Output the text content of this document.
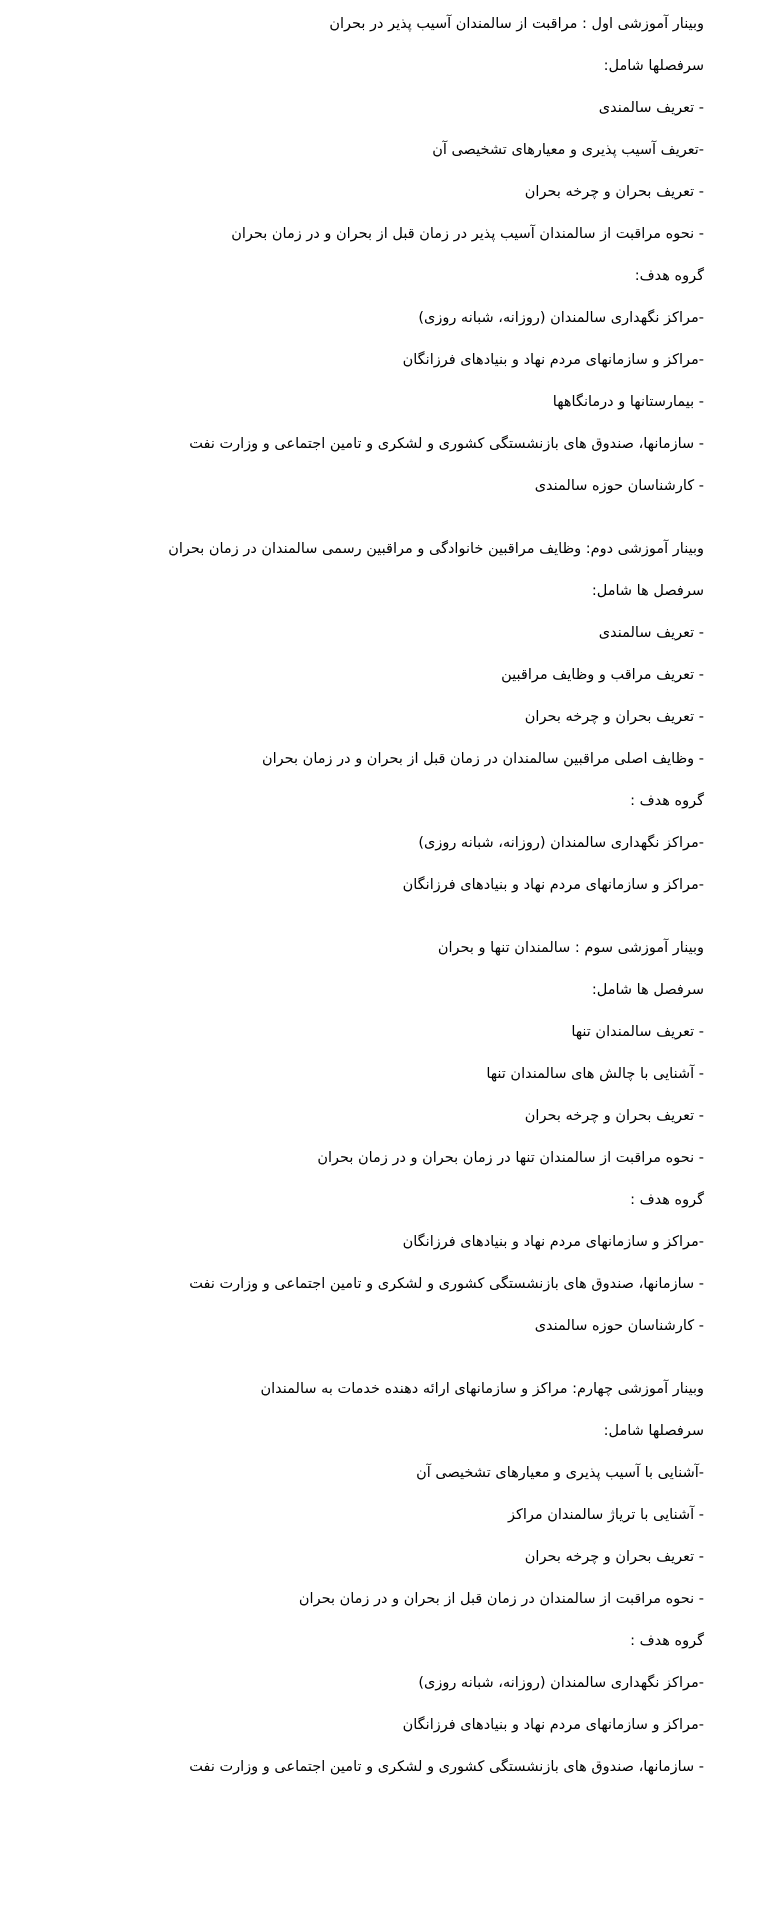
وبینار آموزشی اول : مراقبت از سالمندان آسیب پذیر در بحران

سرفصلها شامل:

- تعریف سالمندی

-تعریف آسیب پذیری و معیارهای تشخیصی آن

- تعریف بحران و چرخه بحران

- نحوه مراقبت از سالمندان آسیب پذیر در زمان قبل از بحران و در زمان بحران

گروه هدف:

-مراکز نگهداری سالمندان (روزانه، شبانه روزی)

-مراکز و سازمانهای مردم نهاد و بنیادهای فرزانگان

- بیمارستانها و درمانگاهها

- سازمانها، صندوق های بازنشستگی کشوری و لشکری و تامین اجتماعی و وزارت نفت

- کارشناسان حوزه سالمندی

وبینار آموزشی دوم: وظایف مراقبین خانوادگی و مراقبین رسمی سالمندان در زمان بحران

سرفصل ها شامل:

- تعریف سالمندی

- تعریف مراقب و وظایف مراقبین

- تعریف بحران و چرخه بحران

- وظایف اصلی مراقبین سالمندان در زمان قبل از بحران و در زمان بحران

گروه هدف :

-مراکز نگهداری سالمندان (روزانه، شبانه روزی)

-مراکز و سازمانهای مردم نهاد و بنیادهای فرزانگان

وبینار آموزشی سوم : سالمندان تنها و بحران

سرفصل ها شامل:

- تعریف سالمندان تنها

- آشنایی با چالش های سالمندان تنها

- تعریف بحران و چرخه بحران

- نحوه مراقبت از سالمندان تنها در زمان بحران و در زمان بحران

گروه هدف :

-مراکز و سازمانهای مردم نهاد و بنیادهای فرزانگان

- سازمانها، صندوق های بازنشستگی کشوری و لشکری و تامین اجتماعی و وزارت نفت

- کارشناسان حوزه سالمندی

وبینار آموزشی چهارم: مراکز و سازمانهای ارائه دهنده خدمات به سالمندان

سرفصلها شامل:

-آشنایی با آسیب پذیری و معیارهای تشخیصی آن

- آشنایی با تریاژ سالمندان مراکز

- تعریف بحران و چرخه بحران

- نحوه مراقبت از سالمندان در زمان قبل از بحران و در زمان بحران

گروه هدف :

-مراکز نگهداری سالمندان (روزانه، شبانه روزی)

-مراکز و سازمانهای مردم نهاد و بنیادهای فرزانگان

- سازمانها، صندوق های بازنشستگی کشوری و لشکری و تامین اجتماعی و وزارت نفت
